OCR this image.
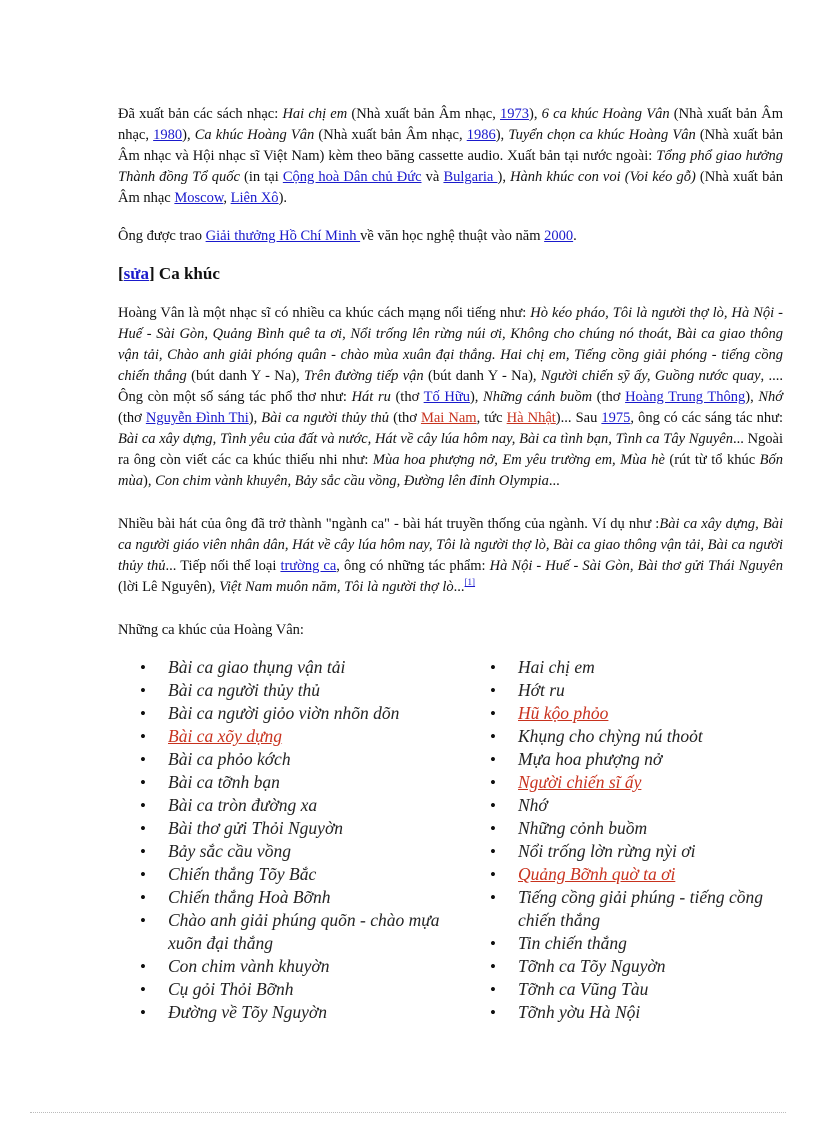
Đã xuất bản các sách nhạc: Hai chị em (Nhà xuất bản Âm nhạc, 1973), 6 ca khúc Hoàng Vân (Nhà xuất bản Âm nhạc, 1980), Ca khúc Hoàng Vân (Nhà xuất bản Âm nhạc, 1986), Tuyển chọn ca khúc Hoàng Vân (Nhà xuất bản Âm nhạc và Hội nhạc sĩ Việt Nam) kèm theo băng cassette audio. Xuất bản tại nước ngoài: Tổng phổ giao hưởng Thành đồng Tổ quốc (in tại Cộng hoà Dân chủ Đức và Bulgaria ), Hành khúc con voi (Voi kéo gỗ) (Nhà xuất bản Âm nhạc Moscow, Liên Xô).

Ông được trao Giải thưởng Hồ Chí Minh về văn học nghệ thuật vào năm 2000.

[sửa] Ca khúc

Hoàng Vân là một nhạc sĩ có nhiều ca khúc cách mạng nổi tiếng như: Hò kéo pháo, Tôi là người thợ lò, Hà Nội - Huế - Sài Gòn, Quảng Bình quê ta ơi, Nổi trống lên rừng núi ơi, Không cho chúng nó thoát, Bài ca giao thông vận tải, Chào anh giải phóng quân - chào mùa xuân đại thắng. Hai chị em, Tiếng cồng giải phóng - tiếng cồng chiến thắng (bút danh Y - Na), Trên đường tiếp vận (bút danh Y - Na), Người chiến sỹ ấy, Guồng nước quay, .... Ông còn một số sáng tác phổ thơ như: Hát ru (thơ Tố Hữu), Những cánh buồm (thơ Hoàng Trung Thông), Nhớ (thơ Nguyễn Đình Thi), Bài ca người thủy thủ (thơ Mai Nam, tức Hà Nhật)... Sau 1975, ông có các sáng tác như: Bài ca xây dựng, Tình yêu của đất và nước, Hát về cây lúa hôm nay, Bài ca tình bạn, Tình ca Tây Nguyên... Ngoài ra ông còn viết các ca khúc thiếu nhi như: Mùa hoa phượng nở, Em yêu trường em, Mùa hè (rút từ tổ khúc Bốn mùa), Con chim vành khuyên, Bảy sắc cầu vồng, Đường lên đỉnh Olympia...

Nhiều bài hát của ông đã trở thành "ngành ca" - bài hát truyền thống của ngành. Ví dụ như :Bài ca xây dựng, Bài ca người giáo viên nhân dân, Hát về cây lúa hôm nay, Tôi là người thợ lò, Bài ca giao thông vận tải, Bài ca người thủy thủ... Tiếp nối thể loại trường ca, ông có những tác phẩm: Hà Nội - Huế - Sài Gòn, Bài thơ gửi Thái Nguyên (lời Lê Nguyên), Việt Nam muôn năm, Tôi là người thợ lò...[1]

Những ca khúc của Hoàng Vân:

• Bài ca giao thụng vận tải
• Bài ca người thủy thủ
• Bài ca người giỏo viờn nhõn dõn
• Bài ca xõy dựng
• Bài ca phỏo kớch
• Bài ca tỡnh bạn
• Bài ca tròn đường xa
• Bài thơ gửi Thỏi Nguyờn
• Bảy sắc cầu vồng
• Chiến thắng Tõy Bắc
• Chiến thắng Hoà Bỡnh
• Chào anh giải phúng quõn - chào mựa xuõn đại thắng
• Con chim vành khuyờn
• Cụ gỏi Thỏi Bỡnh
• Đường về Tõy Nguyờn
• Hai chị em
• Hớt ru
• Hũ kộo phỏo
• Khụng cho chỳng nú thoỏt
• Mựa hoa phượng nở
• Người chiến sĩ ấy
• Nhớ
• Những cỏnh buồm
• Nổi trống lờn rừng nỳi ơi
• Quảng Bỡnh quờ ta ơi
• Tiếng cồng giải phúng - tiếng cồng chiến thắng
• Tin chiến thắng
• Tỡnh ca Tõy Nguyờn
• Tỡnh ca Vũng Tàu
• Tỡnh yờu Hà Nội
